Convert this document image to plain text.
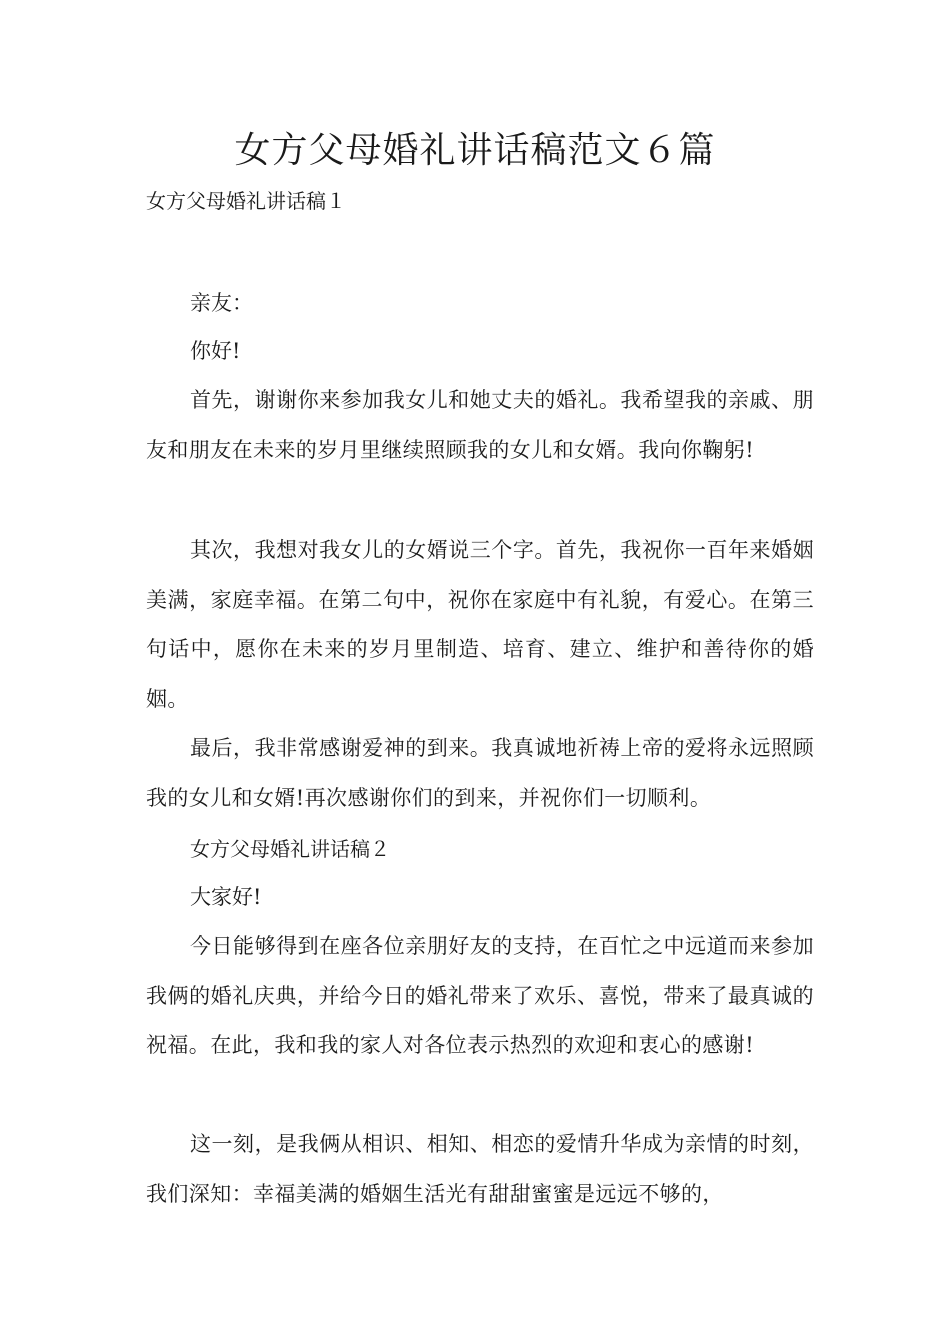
女方父母婚礼讲话稿范文６篇

女方父母婚礼讲话稿１

亲友：

你好!

首先，谢谢你来参加我女儿和她丈夫的婚礼。我希望我的亲戚、朋友和朋友在未来的岁月里继续照顾我的女儿和女婿。我向你鞠躬!

其次，我想对我女儿的女婿说三个字。首先，我祝你一百年来婚姻美满，家庭幸福。在第二句中，祝你在家庭中有礼貌，有爱心。在第三句话中，愿你在未来的岁月里制造、培育、建立、维护和善待你的婚姻。

最后，我非常感谢爱神的到来。我真诚地祈祷上帝的爱将永远照顾我的女儿和女婿!再次感谢你们的到来，并祝你们一切顺利。

女方父母婚礼讲话稿２

大家好!

今日能够得到在座各位亲朋好友的支持，在百忙之中远道而来参加我俩的婚礼庆典，并给今日的婚礼带来了欢乐、喜悦，带来了最真诚的祝福。在此，我和我的家人对各位表示热烈的欢迎和衷心的感谢!

这一刻，是我俩从相识、相知、相恋的爱情升华成为亲情的时刻，我们深知：幸福美满的婚姻生活光有甜甜蜜蜜是远远不够的，
